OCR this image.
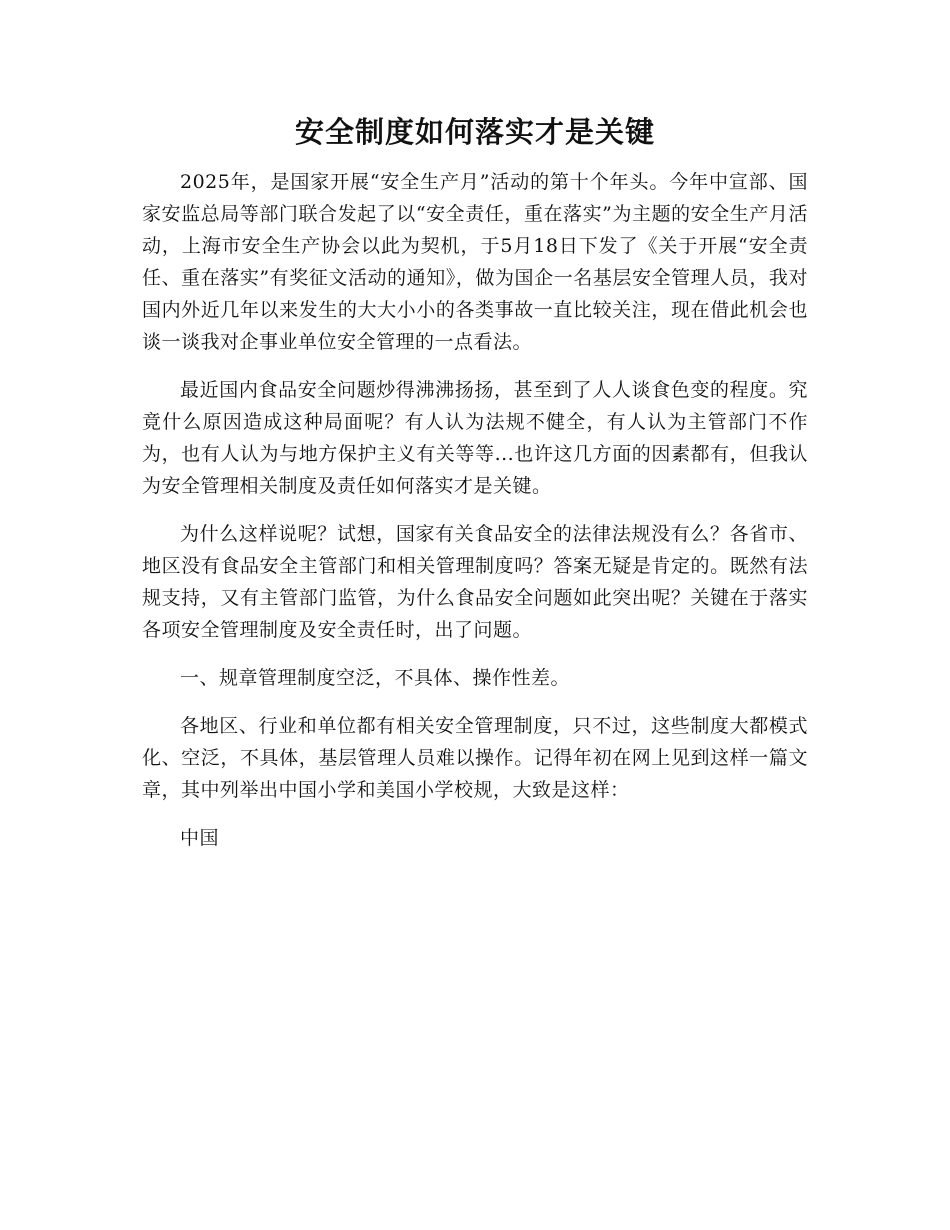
安全制度如何落实才是关键

2025年，是国家开展“安全生产月”活动的第十个年头。今年中宣部、国家安监总局等部门联合发起了以“安全责任，重在落实”为主题的安全生产月活动，上海市安全生产协会以此为契机，于5月18日下发了《关于开展“安全责任、重在落实”有奖征文活动的通知》，做为国企一名基层安全管理人员，我对国内外近几年以来发生的大大小小的各类事故一直比较关注，现在借此机会也谈一谈我对企事业单位安全管理的一点看法。

最近国内食品安全问题炒得沸沸扬扬，甚至到了人人谈食色变的程度。究竟什么原因造成这种局面呢？有人认为法规不健全，有人认为主管部门不作为，也有人认为与地方保护主义有关等等...也许这几方面的因素都有，但我认为安全管理相关制度及责任如何落实才是关键。

为什么这样说呢？试想，国家有关食品安全的法律法规没有么？各省市、地区没有食品安全主管部门和相关管理制度吗？答案无疑是肯定的。既然有法规支持，又有主管部门监管，为什么食品安全问题如此突出呢？关键在于落实各项安全管理制度及安全责任时，出了问题。

一、规章管理制度空泛，不具体、操作性差。

各地区、行业和单位都有相关安全管理制度，只不过，这些制度大都模式化、空泛，不具体，基层管理人员难以操作。记得年初在网上见到这样一篇文章，其中列举出中国小学和美国小学校规，大致是这样：

中国
